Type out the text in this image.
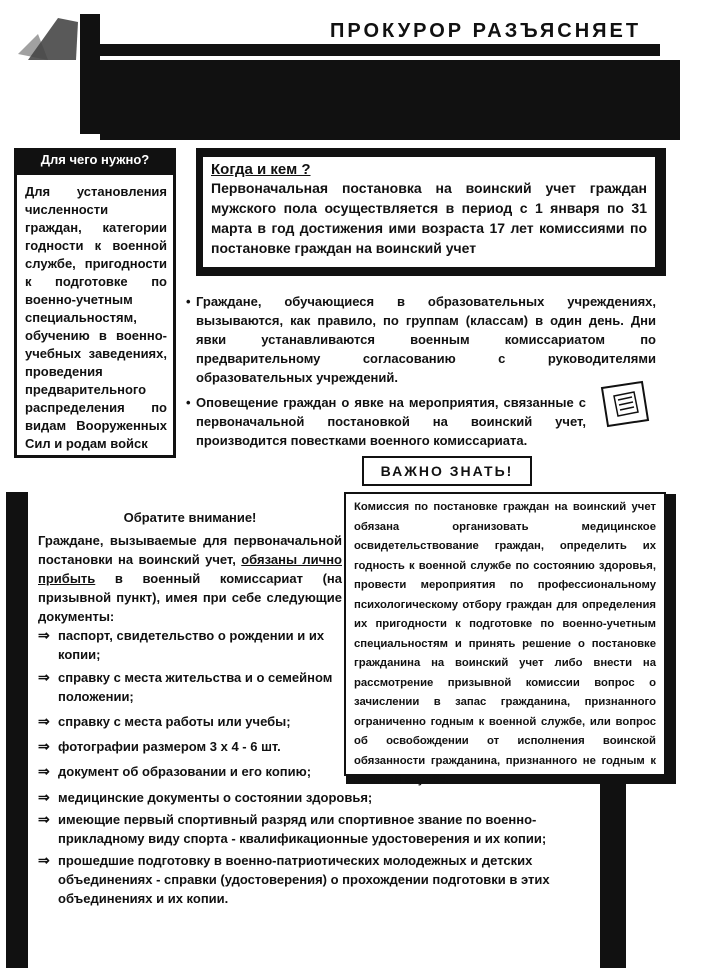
ПРОКУРОР РАЗЪЯСНЯЕТ
Для чего нужно?
Для установления численности граждан, категории годности к военной службе, пригодности к подготовке по военно-учетным специальностям, обучению в военно-учебных заведениях, проведения предварительного распределения по видам Вооруженных Сил и родам войск
Когда и кем ?
Первоначальная постановка на воинский учет граждан мужского пола осуществляется в период с 1 января по 31 марта в год достижения ими возраста 17 лет комиссиями по постановке граждан на воинский учет
• Граждане, обучающиеся в образовательных учреждениях, вызываются, как правило, по группам (классам) в один день. Дни явки устанавливаются военным комиссариатом по предварительному согласованию с руководителями образовательных учреждений.
• Оповещение граждан о явке на мероприятия, связанные с первоначальной постановкой на воинский учет, производится повестками военного комиссариата.
ВАЖНО ЗНАТЬ!
Комиссия по постановке граждан на воинский учет обязана организовать медицинское освидетельствование граждан, определить их годность к военной службе по состоянию здоровья, провести мероприятия по профессиональному психологическому отбору граждан для определения их пригодности к подготовке по военно-учетным специальностям и принять решение о постановке гражданина на воинский учет либо внести на рассмотрение призывной комиссии вопрос о зачислении в запас гражданина, признанного ограниченно годным к военной службе, или вопрос об освобождении от исполнения воинской обязанности гражданина, признанного не годным к военной службе.
Обратите внимание!
Граждане, вызываемые для первоначальной постановки на воинский учет, обязаны лично прибыть в военный комиссариат (на призывной пункт), имея при себе следующие документы:
⇒ паспорт, свидетельство о рождении и их копии;
⇒ справку с места жительства и о семейном положении;
⇒ справку с места работы или учебы;
⇒ фотографии размером 3 х 4 - 6 шт.
⇒ документ об образовании и его копию;
⇒ медицинские документы о состоянии здоровья;
⇒ имеющие первый спортивный разряд или спортивное звание по военно-прикладному виду спорта - квалификационные удостоверения и их копии;
⇒ прошедшие подготовку в военно-патриотических молодежных и детских объединениях - справки (удостоверения) о прохождении подготовки в этих объединениях и их копии.
